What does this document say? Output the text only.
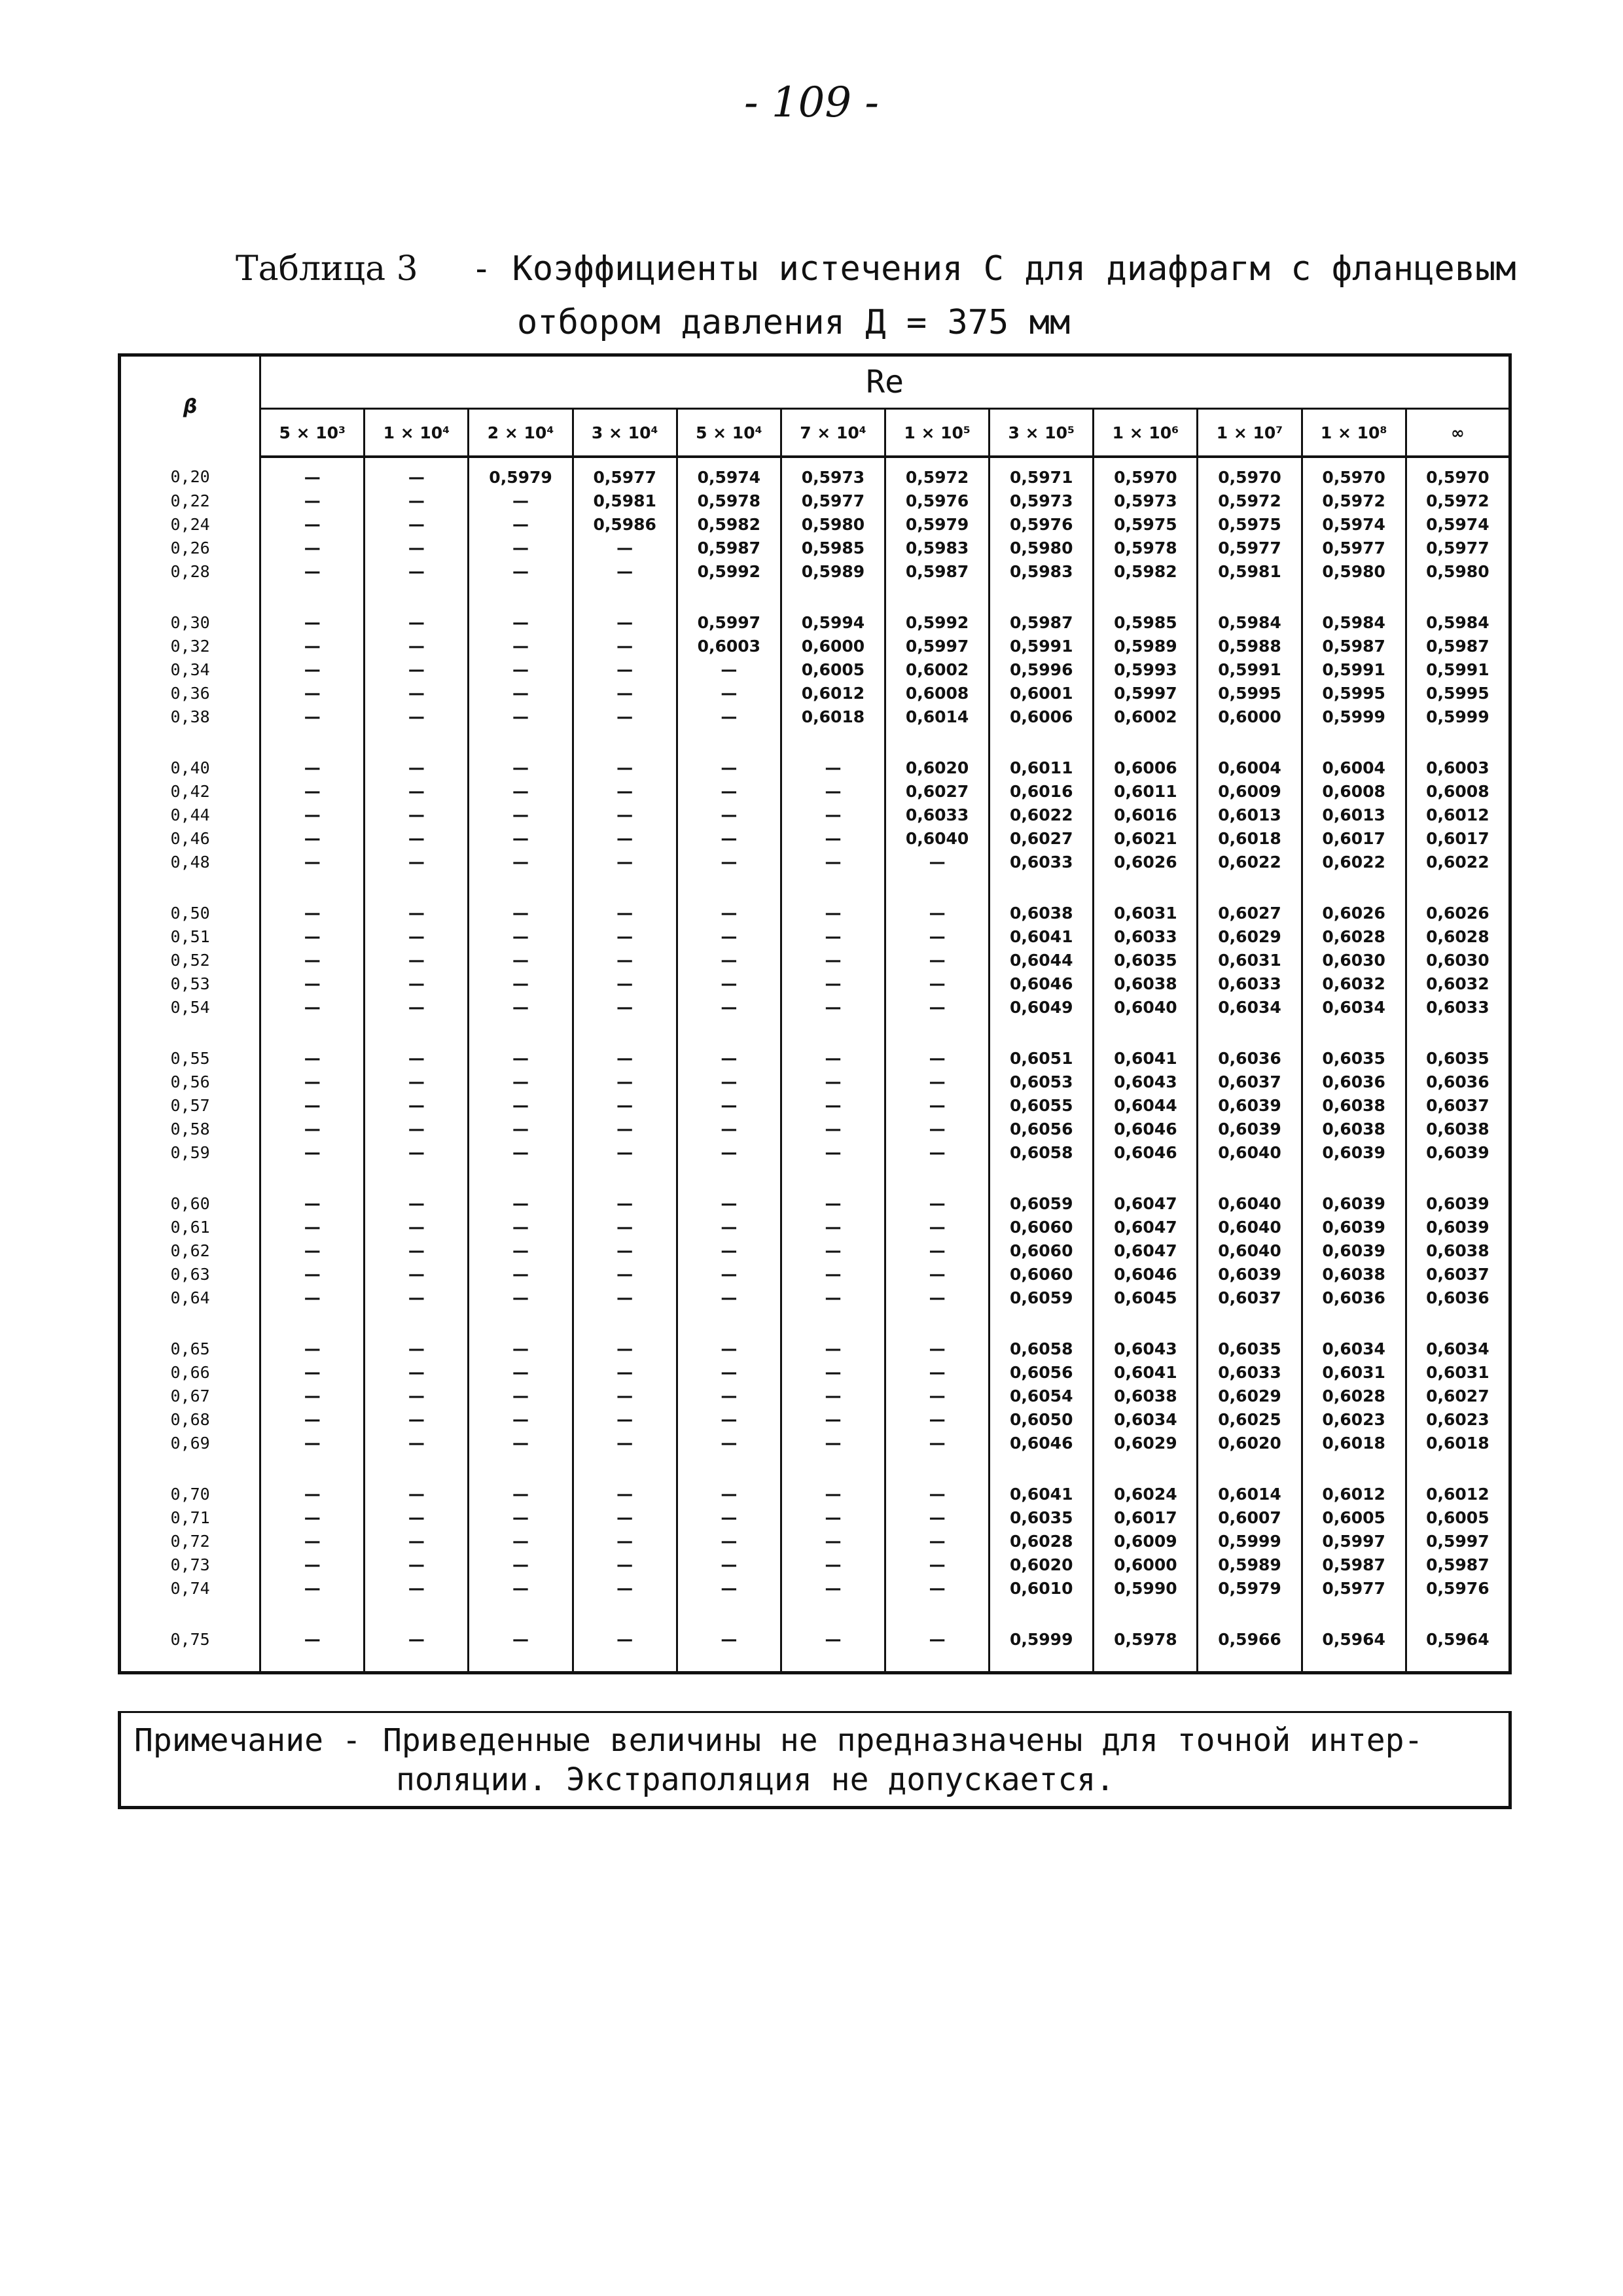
- 109 -
Таблица 3 - Коэффициенты истечения С для диафрагм с фланцевым
отбором давления Д = 375 мм
β	Re											
	5 × 10³	1 × 10⁴	2 × 10⁴	3 × 10⁴	5 × 10⁴	7 × 10⁴	1 × 10⁵	3 × 10⁵	1 × 10⁶	1 × 10⁷	1 × 10⁸	∞
0,20	—	—	0,5979	0,5977	0,5974	0,5973	0,5972	0,5971	0,5970	0,5970	0,5970	0,5970
0,22	—	—	—	0,5981	0,5978	0,5977	0,5976	0,5973	0,5973	0,5972	0,5972	0,5972
0,24	—	—	—	0,5986	0,5982	0,5980	0,5979	0,5976	0,5975	0,5975	0,5974	0,5974
0,26	—	—	—	—	0,5987	0,5985	0,5983	0,5980	0,5978	0,5977	0,5977	0,5977
0,28	—	—	—	—	0,5992	0,5989	0,5987	0,5983	0,5982	0,5981	0,5980	0,5980

0,30	—	—	—	—	0,5997	0,5994	0,5992	0,5987	0,5985	0,5984	0,5984	0,5984
0,32	—	—	—	—	0,6003	0,6000	0,5997	0,5991	0,5989	0,5988	0,5987	0,5987
0,34	—	—	—	—	—	0,6005	0,6002	0,5996	0,5993	0,5991	0,5991	0,5991
0,36	—	—	—	—	—	0,6012	0,6008	0,6001	0,5997	0,5995	0,5995	0,5995
0,38	—	—	—	—	—	0,6018	0,6014	0,6006	0,6002	0,6000	0,5999	0,5999

0,40	—	—	—	—	—	—	0,6020	0,6011	0,6006	0,6004	0,6004	0,6003
0,42	—	—	—	—	—	—	0,6027	0,6016	0,6011	0,6009	0,6008	0,6008
0,44	—	—	—	—	—	—	0,6033	0,6022	0,6016	0,6013	0,6013	0,6012
0,46	—	—	—	—	—	—	0,6040	0,6027	0,6021	0,6018	0,6017	0,6017
0,48	—	—	—	—	—	—	—	0,6033	0,6026	0,6022	0,6022	0,6022

0,50	—	—	—	—	—	—	—	0,6038	0,6031	0,6027	0,6026	0,6026
0,51	—	—	—	—	—	—	—	0,6041	0,6033	0,6029	0,6028	0,6028
0,52	—	—	—	—	—	—	—	0,6044	0,6035	0,6031	0,6030	0,6030
0,53	—	—	—	—	—	—	—	0,6046	0,6038	0,6033	0,6032	0,6032
0,54	—	—	—	—	—	—	—	0,6049	0,6040	0,6034	0,6034	0,6033

0,55	—	—	—	—	—	—	—	0,6051	0,6041	0,6036	0,6035	0,6035
0,56	—	—	—	—	—	—	—	0,6053	0,6043	0,6037	0,6036	0,6036
0,57	—	—	—	—	—	—	—	0,6055	0,6044	0,6039	0,6038	0,6037
0,58	—	—	—	—	—	—	—	0,6056	0,6046	0,6039	0,6038	0,6038
0,59	—	—	—	—	—	—	—	0,6058	0,6046	0,6040	0,6039	0,6039

0,60	—	—	—	—	—	—	—	0,6059	0,6047	0,6040	0,6039	0,6039
0,61	—	—	—	—	—	—	—	0,6060	0,6047	0,6040	0,6039	0,6039
0,62	—	—	—	—	—	—	—	0,6060	0,6047	0,6040	0,6039	0,6038
0,63	—	—	—	—	—	—	—	0,6060	0,6046	0,6039	0,6038	0,6037
0,64	—	—	—	—	—	—	—	0,6059	0,6045	0,6037	0,6036	0,6036

0,65	—	—	—	—	—	—	—	0,6058	0,6043	0,6035	0,6034	0,6034
0,66	—	—	—	—	—	—	—	0,6056	0,6041	0,6033	0,6031	0,6031
0,67	—	—	—	—	—	—	—	0,6054	0,6038	0,6029	0,6028	0,6027
0,68	—	—	—	—	—	—	—	0,6050	0,6034	0,6025	0,6023	0,6023
0,69	—	—	—	—	—	—	—	0,6046	0,6029	0,6020	0,6018	0,6018

0,70	—	—	—	—	—	—	—	0,6041	0,6024	0,6014	0,6012	0,6012
0,71	—	—	—	—	—	—	—	0,6035	0,6017	0,6007	0,6005	0,6005
0,72	—	—	—	—	—	—	—	0,6028	0,6009	0,5999	0,5997	0,5997
0,73	—	—	—	—	—	—	—	0,6020	0,6000	0,5989	0,5987	0,5987
0,74	—	—	—	—	—	—	—	0,6010	0,5990	0,5979	0,5977	0,5976

0,75	—	—	—	—	—	—	—	0,5999	0,5978	0,5966	0,5964	0,5964

Примечание - Приведенные величины не предназначены для точной интер-
поляции. Экстраполяция не допускается.
